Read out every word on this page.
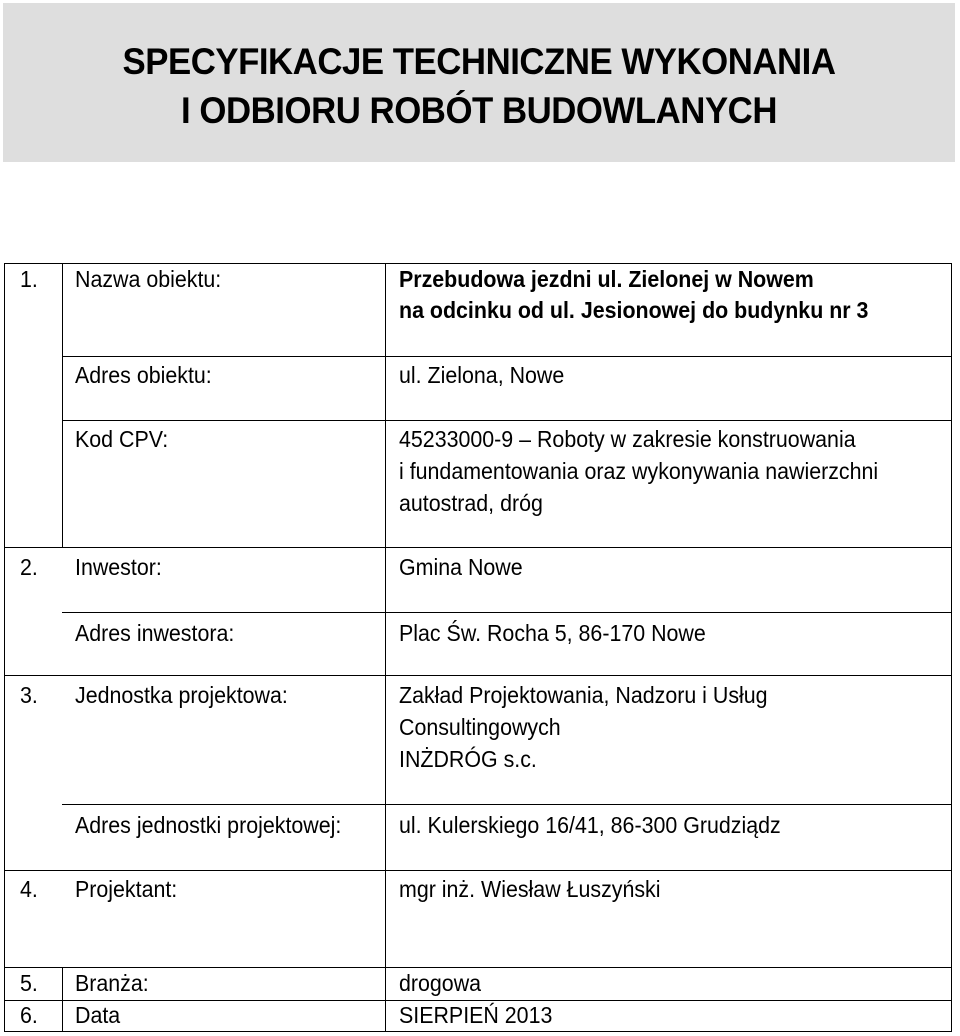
SPECYFIKACJE TECHNICZNE WYKONANIA
I ODBIORU ROBÓT BUDOWLANYCH
1. Nazwa obiektu:	Przebudowa jezdni ul. Zielonej w Nowem
na odcinku od ul. Jesionowej do budynku nr 3
Adres obiektu:	ul. Zielona, Nowe
Kod CPV:	45233000-9 – Roboty w zakresie konstruowania
i fundamentowania oraz wykonywania nawierzchni
autostrad, dróg
2. Inwestor:	Gmina Nowe
Adres inwestora:	Plac Św. Rocha 5, 86-170 Nowe
3. Jednostka projektowa:	Zakład Projektowania, Nadzoru i Usług
Consultingowych
INŻDRÓG s.c.
Adres jednostki projektowej:	ul. Kulerskiego 16/41, 86-300 Grudziądz
4. Projektant:	mgr inż. Wiesław Łuszyński
5. Branża:	drogowa
6. Data	SIERPIEŃ 2013
